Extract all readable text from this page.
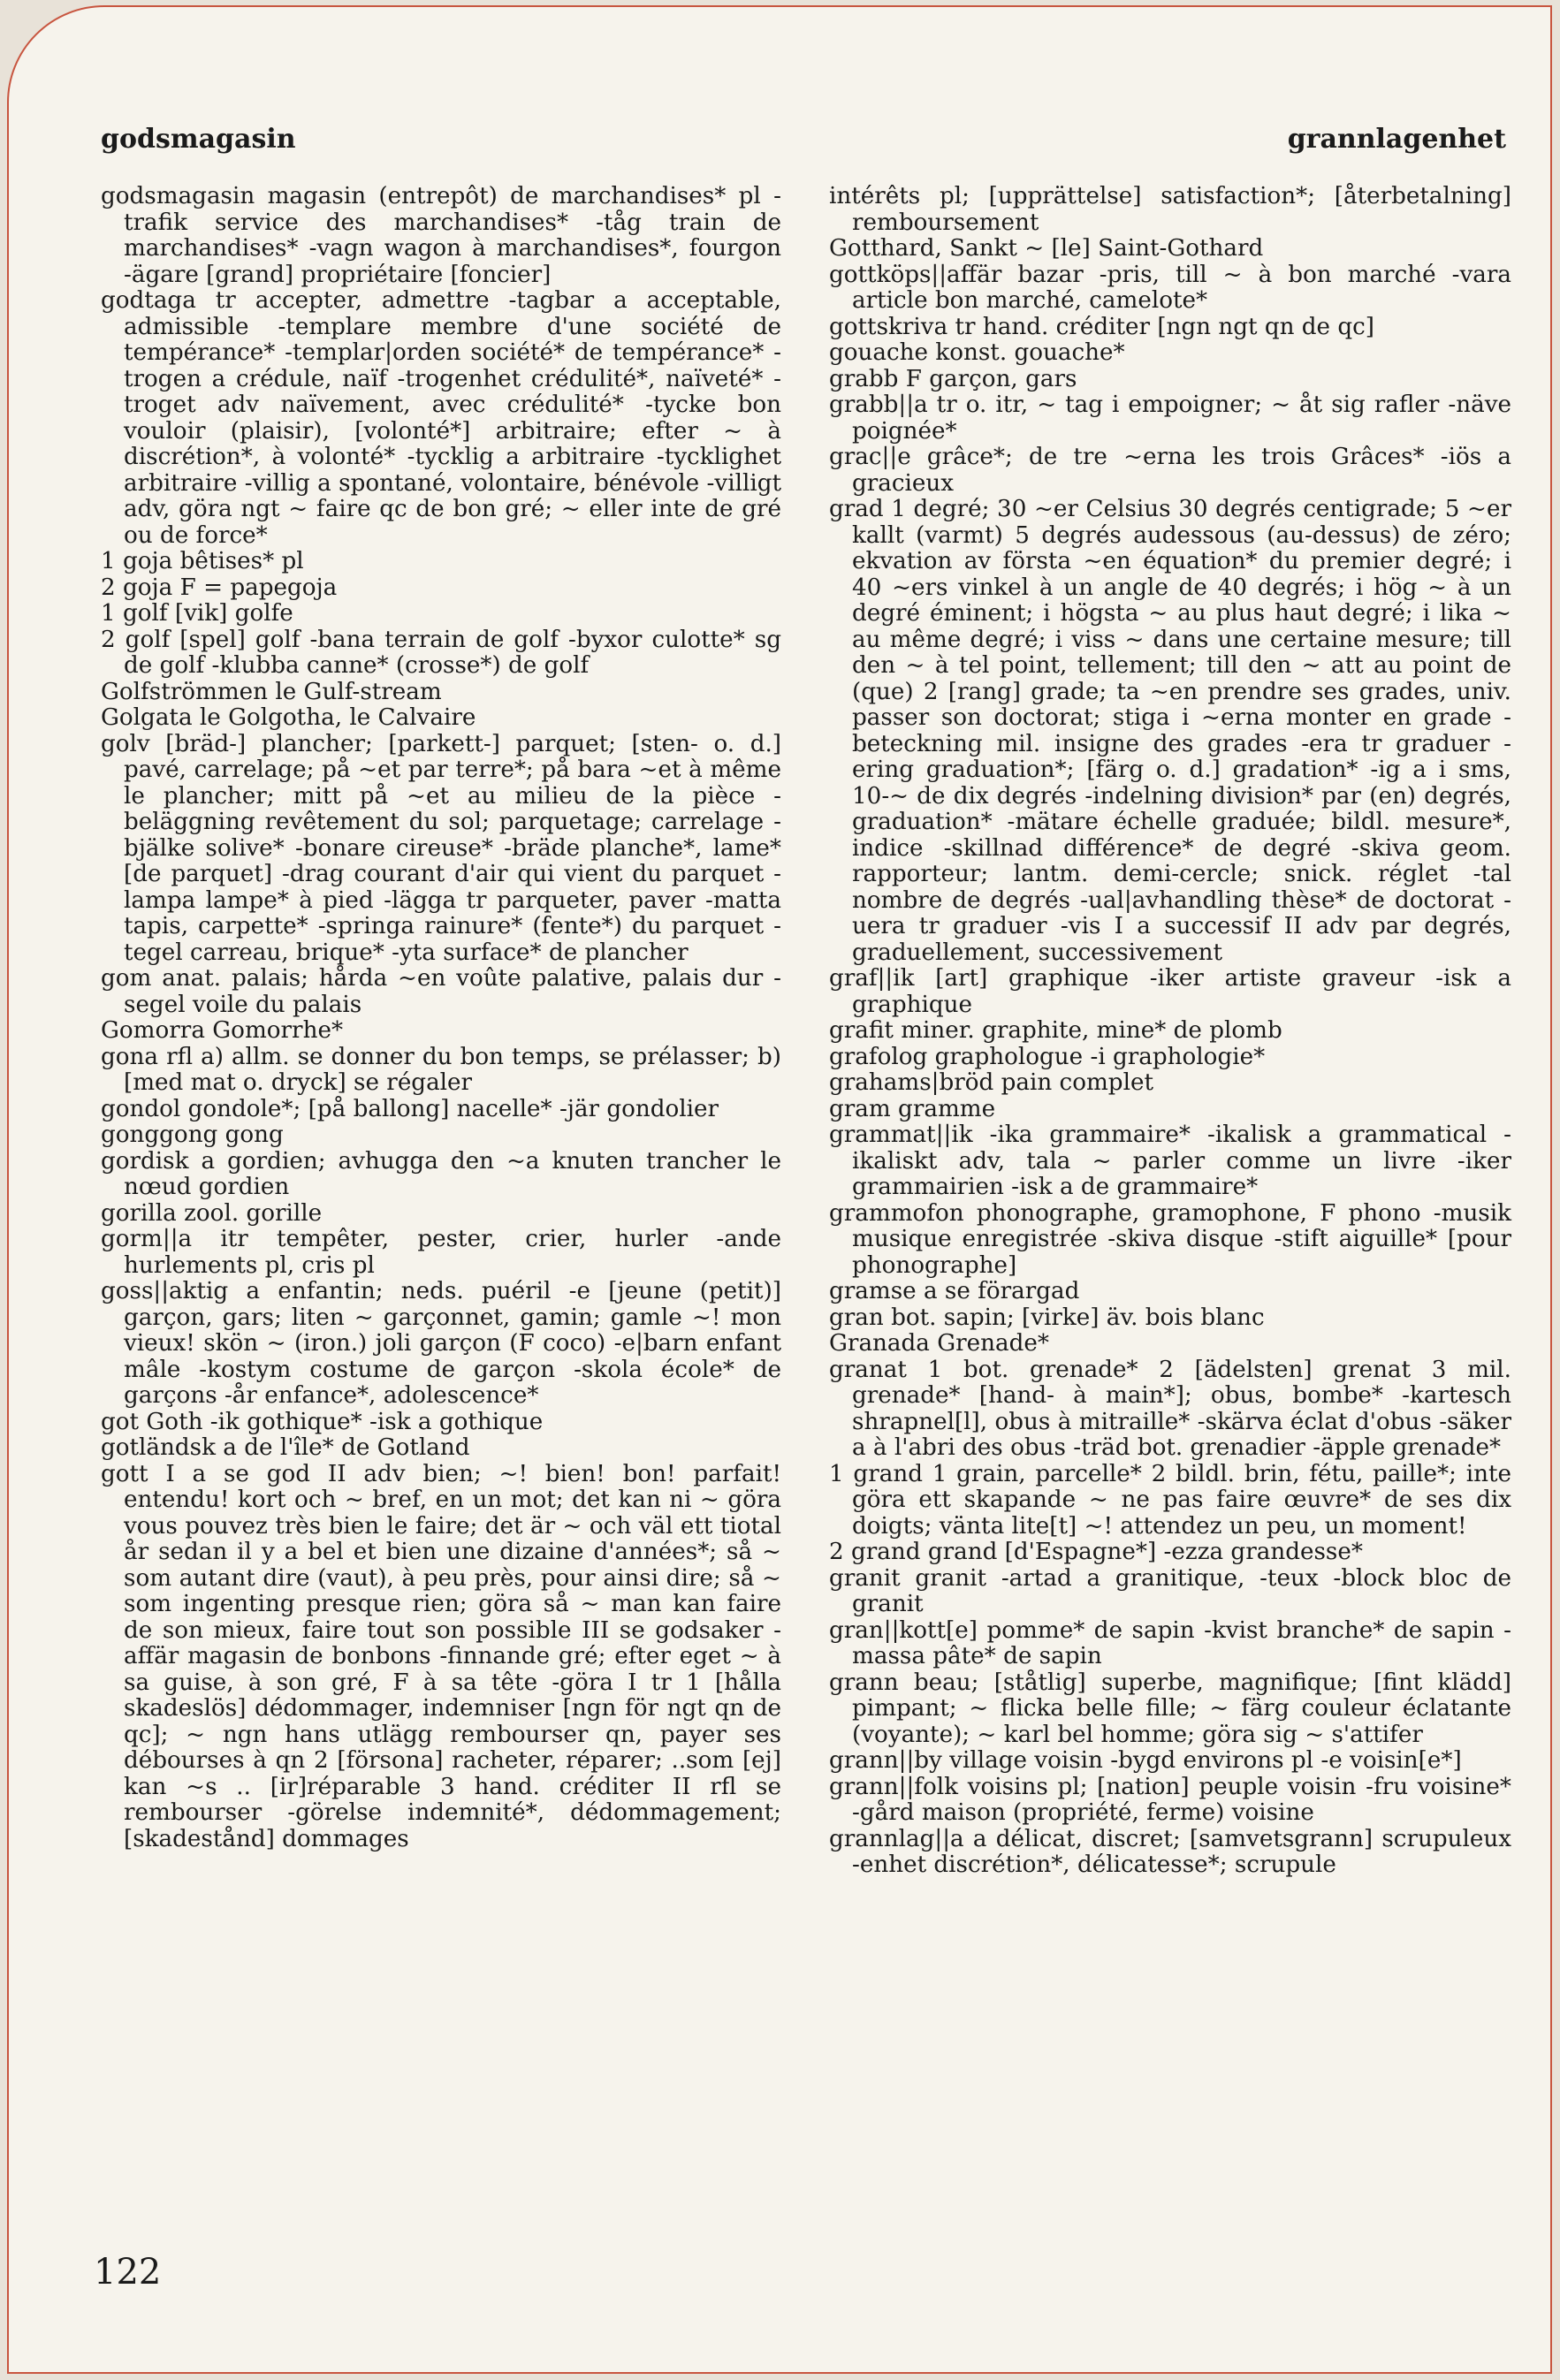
godsmagasin	grannlagenhet

godsmagasin magasin (entrepôt) de marchandises* pl -trafik service des marchandises* -tåg train de marchandises* -vagn wagon à marchandises*, fourgon -ägare [grand] propriétaire [foncier]

godtaga tr accepter, admettre -tagbar a acceptable, admissible -templare membre d'une société de tempérance* -templar|orden société* de tempérance* -trogen a crédule, naïf -trogenhet crédulité*, naïveté* -troget adv naïvement, avec crédulité* -tycke bon vouloir (plaisir), [volonté*] arbitraire; efter ~ à discrétion*, à volonté* -tycklig a arbitraire -tycklighet arbitraire -villig a spontané, volontaire, bénévole -villigt adv, göra ngt ~ faire qc de bon gré; ~ eller inte de gré ou de force*

1 goja bêtises* pl

2 goja F = papegoja

1 golf [vik] golfe

2 golf [spel] golf -bana terrain de golf -byxor culotte* sg de golf -klubba canne* (crosse*) de golf

Golfströmmen le Gulf-stream

Golgata le Golgotha, le Calvaire

golv [bräd-] plancher; [parkett-] parquet; [sten- o. d.] pavé, carrelage; på ~et par terre*; på bara ~et à même le plancher; mitt på ~et au milieu de la pièce -beläggning revêtement du sol; parquetage; carrelage -bjälke solive* -bonare cireuse* -bräde planche*, lame* [de parquet] -drag courant d'air qui vient du parquet -lampa lampe* à pied -lägga tr parqueter, paver -matta tapis, carpette* -springa rainure* (fente*) du parquet -tegel carreau, brique* -yta surface* de plancher

gom anat. palais; hårda ~en voûte palative, palais dur -segel voile du palais

Gomorra Gomorrhe*

gona rfl a) allm. se donner du bon temps, se prélasser; b) [med mat o. dryck] se régaler

gondol gondole*; [på ballong] nacelle* -jär gondolier

gonggong gong

gordisk a gordien; avhugga den ~a knuten trancher le nœud gordien

gorilla zool. gorille

gorm||a itr tempêter, pester, crier, hurler -ande hurlements pl, cris pl

goss||aktig a enfantin; neds. puéril -e [jeune (petit)] garçon, gars; liten ~ garçonnet, gamin; gamle ~! mon vieux! skön ~ (iron.) joli garçon (F coco) -e|barn enfant mâle -kostym costume de garçon -skola école* de garçons -år enfance*, adolescence*

got Goth -ik gothique* -isk a gothique

gotländsk a de l'île* de Gotland

gott I a se god II adv bien; ~! bien! bon! parfait! entendu! kort och ~ bref, en un mot; det kan ni ~ göra vous pouvez très bien le faire; det är ~ och väl ett tiotal år sedan il y a bel et bien une dizaine d'années*; så ~ som autant dire (vaut), à peu près, pour ainsi dire; så ~ som ingenting presque rien; göra så ~ man kan faire de son mieux, faire tout son possible III se godsaker -affär magasin de bonbons -finnande gré; efter eget ~ à sa guise, à son gré, F à sa tête -göra I tr 1 [hålla skadeslös] dédommager, indemniser [ngn för ngt qn de qc]; ~ ngn hans utlägg rembourser qn, payer ses débourses à qn 2 [försona] racheter, réparer; ..som [ej] kan ~s .. [ir]réparable 3 hand. créditer II rfl se rembourser -görelse indemnité*, dédommagement; [skadestånd] dommages

intérêts pl; [upprättelse] satisfaction*; [återbetalning] remboursement

Gotthard, Sankt ~ [le] Saint-Gothard

gottköps||affär bazar -pris, till ~ à bon marché -vara article bon marché, camelote*

gottskriva tr hand. créditer [ngn ngt qn de qc]

gouache konst. gouache*

grabb F garçon, gars

grabb||a tr o. itr, ~ tag i empoigner; ~ åt sig rafler -näve poignée*

grac||e grâce*; de tre ~erna les trois Grâces* -iös a gracieux

grad 1 degré; 30 ~er Celsius 30 degrés centigrade; 5 ~er kallt (varmt) 5 degrés audessous (au-dessus) de zéro; ekvation av första ~en équation* du premier degré; i 40 ~ers vinkel à un angle de 40 degrés; i hög ~ à un degré éminent; i högsta ~ au plus haut degré; i lika ~ au même degré; i viss ~ dans une certaine mesure; till den ~ à tel point, tellement; till den ~ att au point de (que) 2 [rang] grade; ta ~en prendre ses grades, univ. passer son doctorat; stiga i ~erna monter en grade -beteckning mil. insigne des grades -era tr graduer -ering graduation*; [färg o. d.] gradation* -ig a i sms, 10-~ de dix degrés -indelning division* par (en) degrés, graduation* -mätare échelle graduée; bildl. mesure*, indice -skillnad différence* de degré -skiva geom. rapporteur; lantm. demi-cercle; snick. réglet -tal nombre de degrés -ual|avhandling thèse* de doctorat -uera tr graduer -vis I a successif II adv par degrés, graduellement, successivement

graf||ik [art] graphique -iker artiste graveur -isk a graphique

grafit miner. graphite, mine* de plomb

grafolog graphologue -i graphologie*

grahams|bröd pain complet

gram gramme

grammat||ik -ika grammaire* -ikalisk a grammatical -ikaliskt adv, tala ~ parler comme un livre -iker grammairien -isk a de grammaire*

grammofon phonographe, gramophone, F phono -musik musique enregistrée -skiva disque -stift aiguille* [pour phonographe]

gramse a se förargad

gran bot. sapin; [virke] äv. bois blanc

Granada Grenade*

granat 1 bot. grenade* 2 [ädelsten] grenat 3 mil. grenade* [hand- à main*]; obus, bombe* -kartesch shrapnel[l], obus à mitraille* -skärva éclat d'obus -säker a à l'abri des obus -träd bot. grenadier -äpple grenade*

1 grand 1 grain, parcelle* 2 bildl. brin, fétu, paille*; inte göra ett skapande ~ ne pas faire œuvre* de ses dix doigts; vänta lite[t] ~! attendez un peu, un moment!

2 grand grand [d'Espagne*] -ezza grandesse*

granit granit -artad a granitique, -teux -block bloc de granit

gran||kott[e] pomme* de sapin -kvist branche* de sapin -massa pâte* de sapin

grann beau; [ståtlig] superbe, magnifique; [fint klädd] pimpant; ~ flicka belle fille; ~ färg couleur éclatante (voyante); ~ karl bel homme; göra sig ~ s'attifer

grann||by village voisin -bygd environs pl -e voisin[e*]

grann||folk voisins pl; [nation] peuple voisin -fru voisine* -gård maison (propriété, ferme) voisine

grannlag||a a délicat, discret; [samvetsgrann] scrupuleux -enhet discrétion*, délicatesse*; scrupule

122
